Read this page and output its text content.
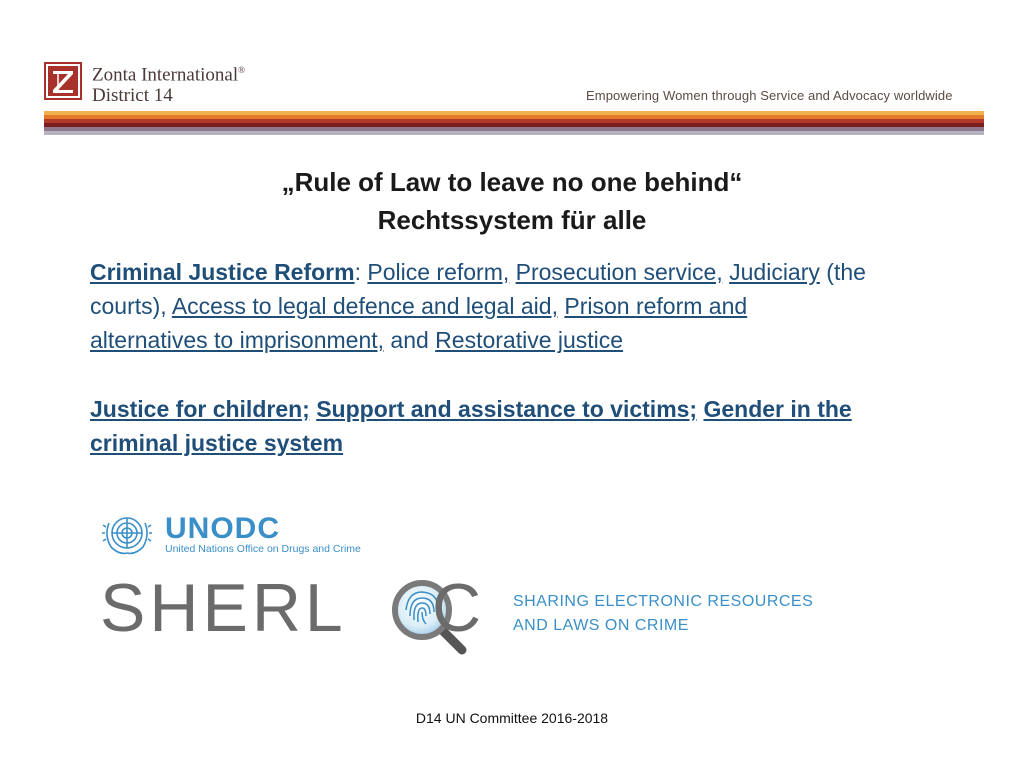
Zonta International®
District 14	Empowering Women through Service and Advocacy worldwide
„Rule of Law to leave no one behind“
Rechtssystem für alle
Criminal Justice Reform: Police reform, Prosecution service, Judiciary (the courts), Access to legal defence and legal aid, Prison reform and alternatives to imprisonment, and Restorative justice
Justice for children; Support and assistance to victims; Gender in the criminal justice system
UNODC
United Nations Office on Drugs and Crime
SHERL C SHARING ELECTRONIC RESOURCES
AND LAWS ON CRIME
D14 UN Committee 2016-2018
